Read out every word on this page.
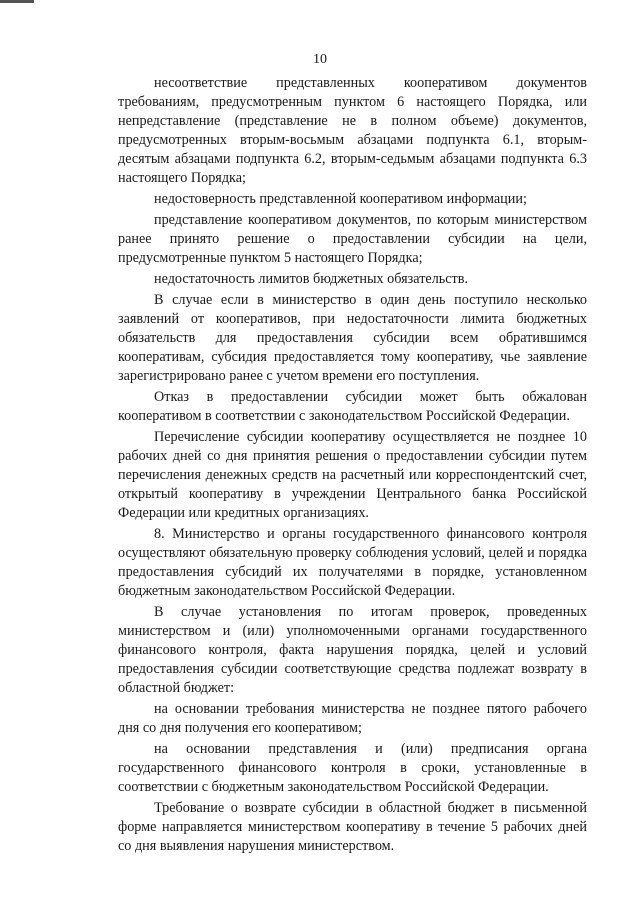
10

несоответствие представленных кооперативом документов требованиям, предусмотренным пунктом 6 настоящего Порядка, или непредставление (представление не в полном объеме) документов, предусмотренных вторым-восьмым абзацами подпункта 6.1, вторым-десятым абзацами подпункта 6.2, вторым-седьмым абзацами подпункта 6.3 настоящего Порядка;

недостоверность представленной кооперативом информации;

представление кооперативом документов, по которым министерством ранее принято решение о предоставлении субсидии на цели, предусмотренные пунктом 5 настоящего Порядка;

недостаточность лимитов бюджетных обязательств.

В случае если в министерство в один день поступило несколько заявлений от кооперативов, при недостаточности лимита бюджетных обязательств для предоставления субсидии всем обратившимся кооперативам, субсидия предоставляется тому кооперативу, чье заявление зарегистрировано ранее с учетом времени его поступления.

Отказ в предоставлении субсидии может быть обжалован кооперативом в соответствии с законодательством Российской Федерации.

Перечисление субсидии кооперативу осуществляется не позднее 10 рабочих дней со дня принятия решения о предоставлении субсидии путем перечисления денежных средств на расчетный или корреспондентский счет, открытый кооперативу в учреждении Центрального банка Российской Федерации или кредитных организациях.

8. Министерство и органы государственного финансового контроля осуществляют обязательную проверку соблюдения условий, целей и порядка предоставления субсидий их получателями в порядке, установленном бюджетным законодательством Российской Федерации.

В случае установления по итогам проверок, проведенных министерством и (или) уполномоченными органами государственного финансового контроля, факта нарушения порядка, целей и условий предоставления субсидии соответствующие средства подлежат возврату в областной бюджет:

на основании требования министерства не позднее пятого рабочего дня со дня получения его кооперативом;

на основании представления и (или) предписания органа государственного финансового контроля в сроки, установленные в соответствии с бюджетным законодательством Российской Федерации.

Требование о возврате субсидии в областной бюджет в письменной форме направляется министерством кооперативу в течение 5 рабочих дней со дня выявления нарушения министерством.
